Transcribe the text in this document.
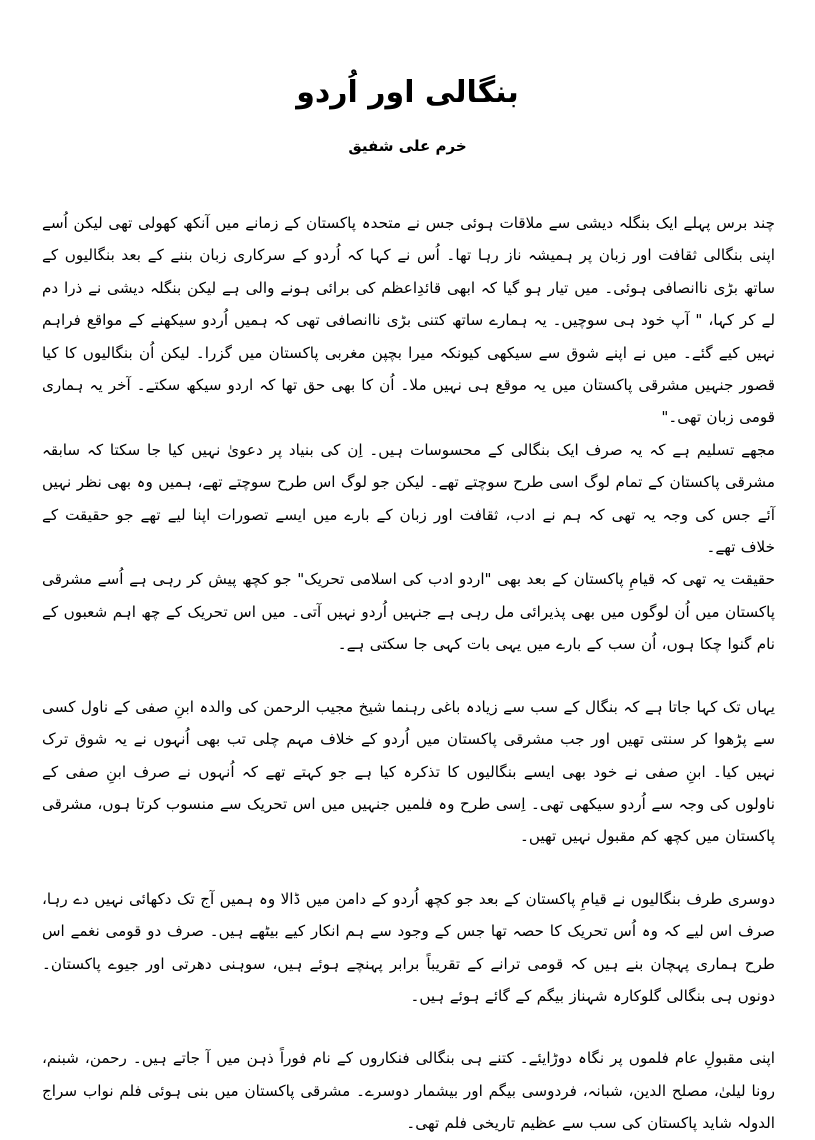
بنگالی اور اُردو
خرم علی شفیق

چند برس پہلے ایک بنگلہ دیشی سے ملاقات ہوئی جس نے متحدہ پاکستان کے زمانے میں آنکھ کھولی تھی لیکن اُسے اپنی بنگالی ثقافت اور زبان پر ہمیشہ ناز رہا تھا۔ اُس نے کہا کہ اُردو کے سرکاری زبان بننے کے بعد بنگالیوں کے ساتھ بڑی ناانصافی ہوئی۔ میں تیار ہو گیا کہ ابھی قائدِاعظم کی برائی ہونے والی ہے لیکن بنگلہ دیشی نے ذرا دم لے کر کہا، " آپ خود ہی سوچیں۔ یہ ہمارے ساتھ کتنی بڑی ناانصافی تھی کہ ہمیں اُردو سیکھنے کے مواقع فراہم نہیں کیے گئے۔ میں نے اپنے شوق سے سیکھی کیونکہ میرا بچپن مغربی پاکستان میں گزرا۔ لیکن اُن بنگالیوں کا کیا قصور جنہیں مشرقی پاکستان میں یہ موقع ہی نہیں ملا۔ اُن کا بھی حق تھا کہ اردو سیکھ سکتے۔ آخر یہ ہماری قومی زبان تھی۔"

مجھے تسلیم ہے کہ یہ صرف ایک بنگالی کے محسوسات ہیں۔ اِن کی بنیاد پر دعویٰ نہیں کیا جا سکتا کہ سابقہ مشرقی پاکستان کے تمام لوگ اسی طرح سوچتے تھے۔ لیکن جو لوگ اس طرح سوچتے تھے، ہمیں وہ بھی نظر نہیں آئے جس کی وجہ یہ تھی کہ ہم نے ادب، ثقافت اور زبان کے بارے میں ایسے تصورات اپنا لیے تھے جو حقیقت کے خلاف تھے۔

حقیقت یہ تھی کہ قیامِ پاکستان کے بعد بھی "اردو ادب کی اسلامی تحریک" جو کچھ پیش کر رہی ہے اُسے مشرقی پاکستان میں اُن لوگوں میں بھی پذیرائی مل رہی ہے جنہیں اُردو نہیں آتی۔ میں اس تحریک کے چھ اہم شعبوں کے نام گنوا چکا ہوں، اُن سب کے بارے میں یہی بات کہی جا سکتی ہے۔

یہاں تک کہا جاتا ہے کہ بنگال کے سب سے زیادہ باغی رہنما شیخ مجیب الرحمن کی والدہ ابنِ صفی کے ناول کسی سے پڑھوا کر سنتی تھیں اور جب مشرقی پاکستان میں اُردو کے خلاف مہم چلی تب بھی اُنہوں نے یہ شوق ترک نہیں کیا۔ ابنِ صفی نے خود بھی ایسے بنگالیوں کا تذکرہ کیا ہے جو کہتے تھے کہ اُنہوں نے صرف ابنِ صفی کے ناولوں کی وجہ سے اُردو سیکھی تھی۔ اِسی طرح وہ فلمیں جنہیں میں اس تحریک سے منسوب کرتا ہوں، مشرقی پاکستان میں کچھ کم مقبول نہیں تھیں۔

دوسری طرف بنگالیوں نے قیامِ پاکستان کے بعد جو کچھ اُردو کے دامن میں ڈالا وہ ہمیں آج تک دکھائی نہیں دے رہا، صرف اس لیے کہ وہ اُس تحریک کا حصہ تھا جس کے وجود سے ہم انکار کیے بیٹھے ہیں۔ صرف دو قومی نغمے اس طرح ہماری پہچان بنے ہیں کہ قومی ترانے کے تقریباً برابر پہنچے ہوئے ہیں، سوہنی دھرتی اور جیوے پاکستان۔ دونوں ہی بنگالی گلوکارہ شہناز بیگم کے گائے ہوئے ہیں۔

اپنی مقبولِ عام فلموں پر نگاہ دوڑایئے۔ کتنے ہی بنگالی فنکاروں کے نام فوراً ذہن میں آ جاتے ہیں۔ رحمن، شبنم، رونا لیلیٰ، مصلح الدین، شبانہ، فردوسی بیگم اور بیشمار دوسرے۔ مشرقی پاکستان میں بنی ہوئی فلم نواب سراج الدولہ شاید پاکستان کی سب سے عظیم تاریخی فلم تھی۔
